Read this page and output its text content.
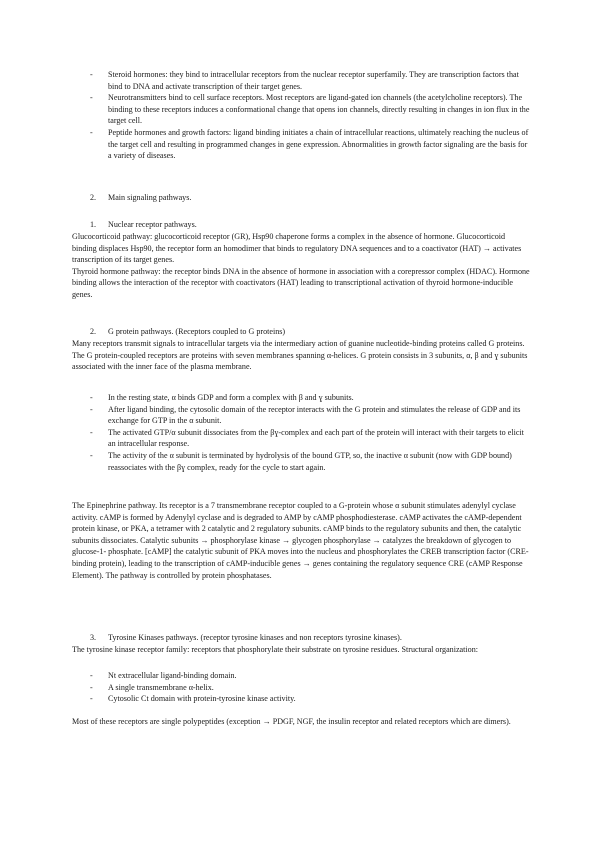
- Steroid hormones: they bind to intracellular receptors from the nuclear receptor superfamily. They are transcription factors that bind to DNA and activate transcription of their target genes.

- Neurotransmitters bind to cell surface receptors. Most receptors are ligand-gated ion channels (the acetylcholine receptors). The binding to these receptors induces a conformational change that opens ion channels, directly resulting in changes in ion flux in the target cell.

- Peptide hormones and growth factors: ligand binding initiates a chain of intracellular reactions, ultimately reaching the nucleus of the target cell and resulting in programmed changes in gene expression. Abnormalities in growth factor signaling are the basis for a variety of diseases.

2. Main signaling pathways.
1. Nuclear receptor pathways.

Glucocorticoid pathway: glucocorticoid receptor (GR), Hsp90 chaperone forms a complex in the absence of hormone. Glucocorticoid binding displaces Hsp90, the receptor form an homodimer that binds to regulatory DNA sequences and to a coactivator (HAT) → activates transcription of its target genes.

Thyroid hormone pathway: the receptor binds DNA in the absence of hormone in association with a corepressor complex (HDAC). Hormone binding allows the interaction of the receptor with coactivators (HAT) leading to transcriptional activation of thyroid hormone-inducible genes.

2. G protein pathways. (Receptors coupled to G proteins)

Many receptors transmit signals to intracellular targets via the intermediary action of guanine nucleotide-binding proteins called G proteins. The G protein-coupled receptors are proteins with seven membranes spanning α-helices. G protein consists in 3 subunits, α, β and ɣ subunits associated with the inner face of the plasma membrane.

- In the resting state, α binds GDP and form a complex with β and ɣ subunits.

- After ligand binding, the cytosolic domain of the receptor interacts with the G protein and stimulates the release of GDP and its exchange for GTP in the α subunit.

- The activated GTP/α subunit dissociates from the βɣ-complex and each part of the protein will interact with their targets to elicit an intracellular response.

- The activity of the α subunit is terminated by hydrolysis of the bound GTP, so, the inactive α subunit (now with GDP bound) reassociates with the βɣ complex, ready for the cycle to start again.

The Epinephrine pathway. Its receptor is a 7 transmembrane receptor coupled to a G-protein whose α subunit stimulates adenylyl cyclase activity. cAMP is formed by Adenylyl cyclase and is degraded to AMP by cAMP phosphodiesterase. cAMP activates the cAMP-dependent protein kinase, or PKA, a tetramer with 2 catalytic and 2 regulatory subunits. cAMP binds to the regulatory subunits and then, the catalytic subunits dissociates. Catalytic subunits → phosphorylase kinase → glycogen phosphorylase → catalyzes the breakdown of glycogen to glucose-1- phosphate. [cAMP] the catalytic subunit of PKA moves into the nucleus and phosphorylates the CREB transcription factor (CRE-binding protein), leading to the transcription of cAMP-inducible genes → genes containing the regulatory sequence CRE (cAMP Response Element). The pathway is controlled by protein phosphatases.

3. Tyrosine Kinases pathways. (receptor tyrosine kinases and non receptors tyrosine kinases).

The tyrosine kinase receptor family: receptors that phosphorylate their substrate on tyrosine residues. Structural organization:

- Nt extracellular ligand-binding domain.

- A single transmembrane α-helix.

- Cytosolic Ct domain with protein-tyrosine kinase activity.

Most of these receptors are single polypeptides (exception → PDGF, NGF, the insulin receptor and related receptors which are dimers).
